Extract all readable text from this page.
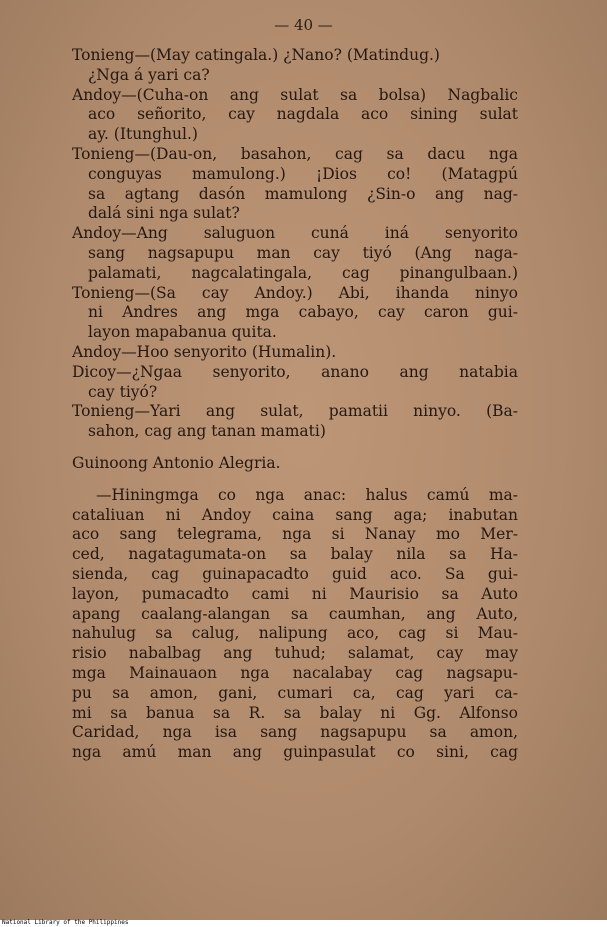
— 40 —
Tonieng—(May catingala.) ¿Nano? (Matindug.)
¿Nga á yari ca?
Andoy—(Cuha-on ang sulat sa bolsa) Nagbalic
aco señorito, cay nagdala aco sining sulat
ay. (Itunghul.)
Tonieng—(Dau-on, basahon, cag sa dacu nga
conguyas mamulong.) ¡Dios co! (Matagpú
sa agtang dasón mamulong ¿Sin-o ang nag-
dalá sini nga sulat?
Andoy—Ang saluguon cuná iná senyorito
sang nagsapupu man cay tiyó (Ang naga-
palamati, nagcalatingala, cag pinangulbaan.)
Tonieng—(Sa cay Andoy.) Abi, ihanda ninyo
ni Andres ang mga cabayo, cay caron gui-
layon mapabanua quita.
Andoy—Hoo senyorito (Humalin).
Dicoy—¿Ngaa senyorito, anano ang natabia
cay tiyó?
Tonieng—Yari ang sulat, pamatii ninyo. (Ba-
sahon, cag ang tanan mamati)
Guinoong Antonio Alegria.
—Hiningmga co nga anac: halus camú ma-
cataliuan ni Andoy caina sang aga; inabutan
aco sang telegrama, nga si Nanay mo Mer-
ced, nagatagumata-on sa balay nila sa Ha-
sienda, cag guinapacadto guid aco. Sa gui-
layon, pumacadto cami ni Maurisio sa Auto
apang caalang-alangan sa caumhan, ang Auto,
nahulug sa calug, nalipung aco, cag si Mau-
risio nabalbag ang tuhud; salamat, cay may
mga Mainauaon nga nacalabay cag nagsapu-
pu sa amon, gani, cumari ca, cag yari ca-
mi sa banua sa R. sa balay ni Gg. Alfonso
Caridad, nga isa sang nagsapupu sa amon,
nga amú man ang guinpasulat co sini, cag
National Library of the Philippines
